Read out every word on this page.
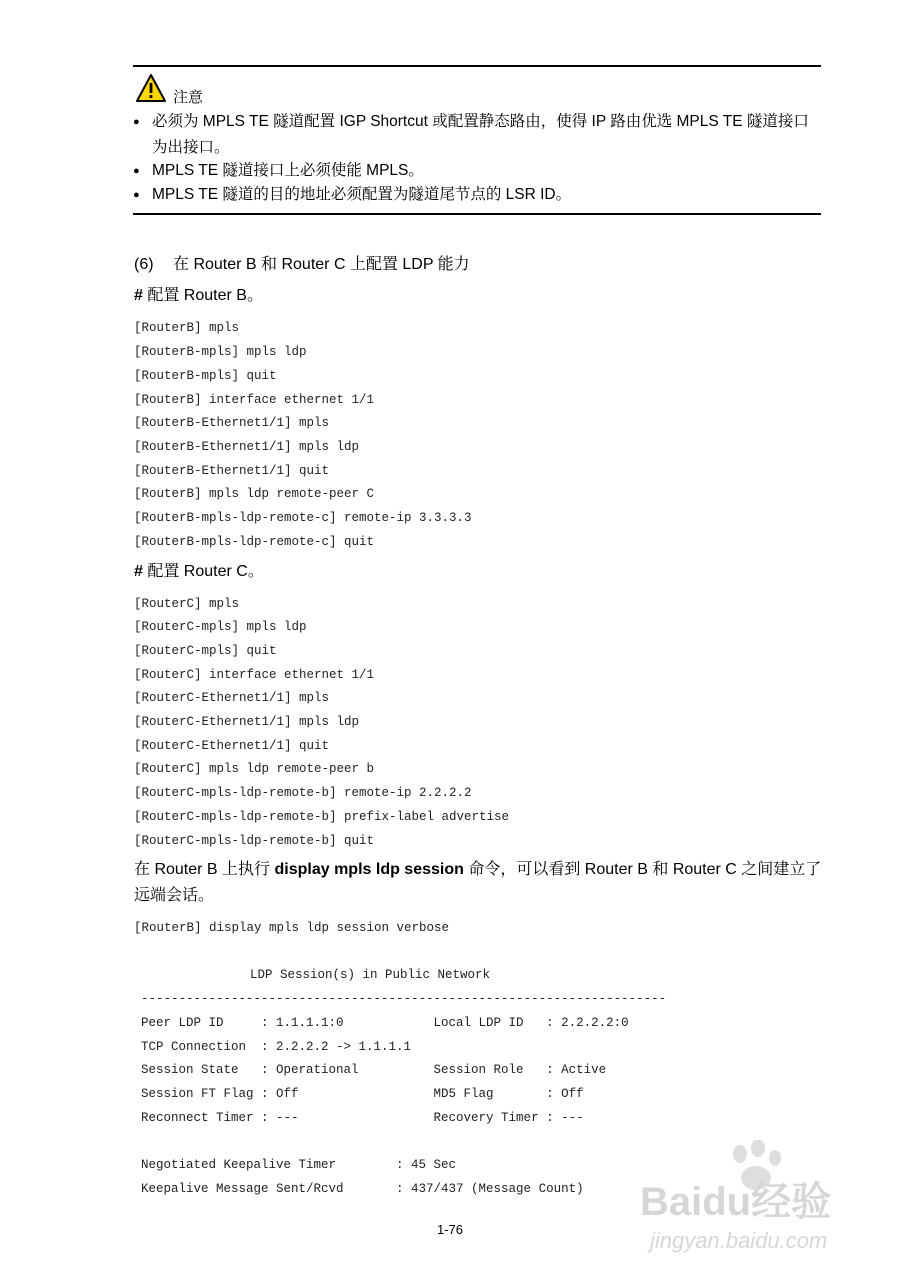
注意
● 必须为 MPLS TE 隧道配置 IGP Shortcut 或配置静态路由，使得 IP 路由优选 MPLS TE 隧道接口
为出接口。
● MPLS TE 隧道接口上必须使能 MPLS。
● MPLS TE 隧道的目的地址必须配置为隧道尾节点的 LSR ID。
(6) 在 Router B 和 Router C 上配置 LDP 能力
# 配置 Router B。
[RouterB] mpls
[RouterB-mpls] mpls ldp
[RouterB-mpls] quit
[RouterB] interface ethernet 1/1
[RouterB-Ethernet1/1] mpls
[RouterB-Ethernet1/1] mpls ldp
[RouterB-Ethernet1/1] quit
[RouterB] mpls ldp remote-peer C
[RouterB-mpls-ldp-remote-c] remote-ip 3.3.3.3
[RouterB-mpls-ldp-remote-c] quit
# 配置 Router C。
[RouterC] mpls
[RouterC-mpls] mpls ldp
[RouterC-mpls] quit
[RouterC] interface ethernet 1/1
[RouterC-Ethernet1/1] mpls
[RouterC-Ethernet1/1] mpls ldp
[RouterC-Ethernet1/1] quit
[RouterC] mpls ldp remote-peer b
[RouterC-mpls-ldp-remote-b] remote-ip 2.2.2.2
[RouterC-mpls-ldp-remote-b] prefix-label advertise
[RouterC-mpls-ldp-remote-b] quit
在 Router B 上执行 display mpls ldp session 命令，可以看到 Router B 和 Router C 之间建立了
远端会话。
[RouterB] display mpls ldp session verbose
LDP Session(s) in Public Network
----------------------------------------------------------------------
Peer LDP ID     : 1.1.1.1:0            Local LDP ID   : 2.2.2.2:0
TCP Connection  : 2.2.2.2 -> 1.1.1.1
Session State   : Operational          Session Role   : Active
Session FT Flag : Off                  MD5 Flag       : Off
Reconnect Timer : ---                  Recovery Timer : ---
Negotiated Keepalive Timer        : 45 Sec
Keepalive Message Sent/Rcvd       : 437/437 (Message Count)
1-76
Baidu经验
jingyan.baidu.com
